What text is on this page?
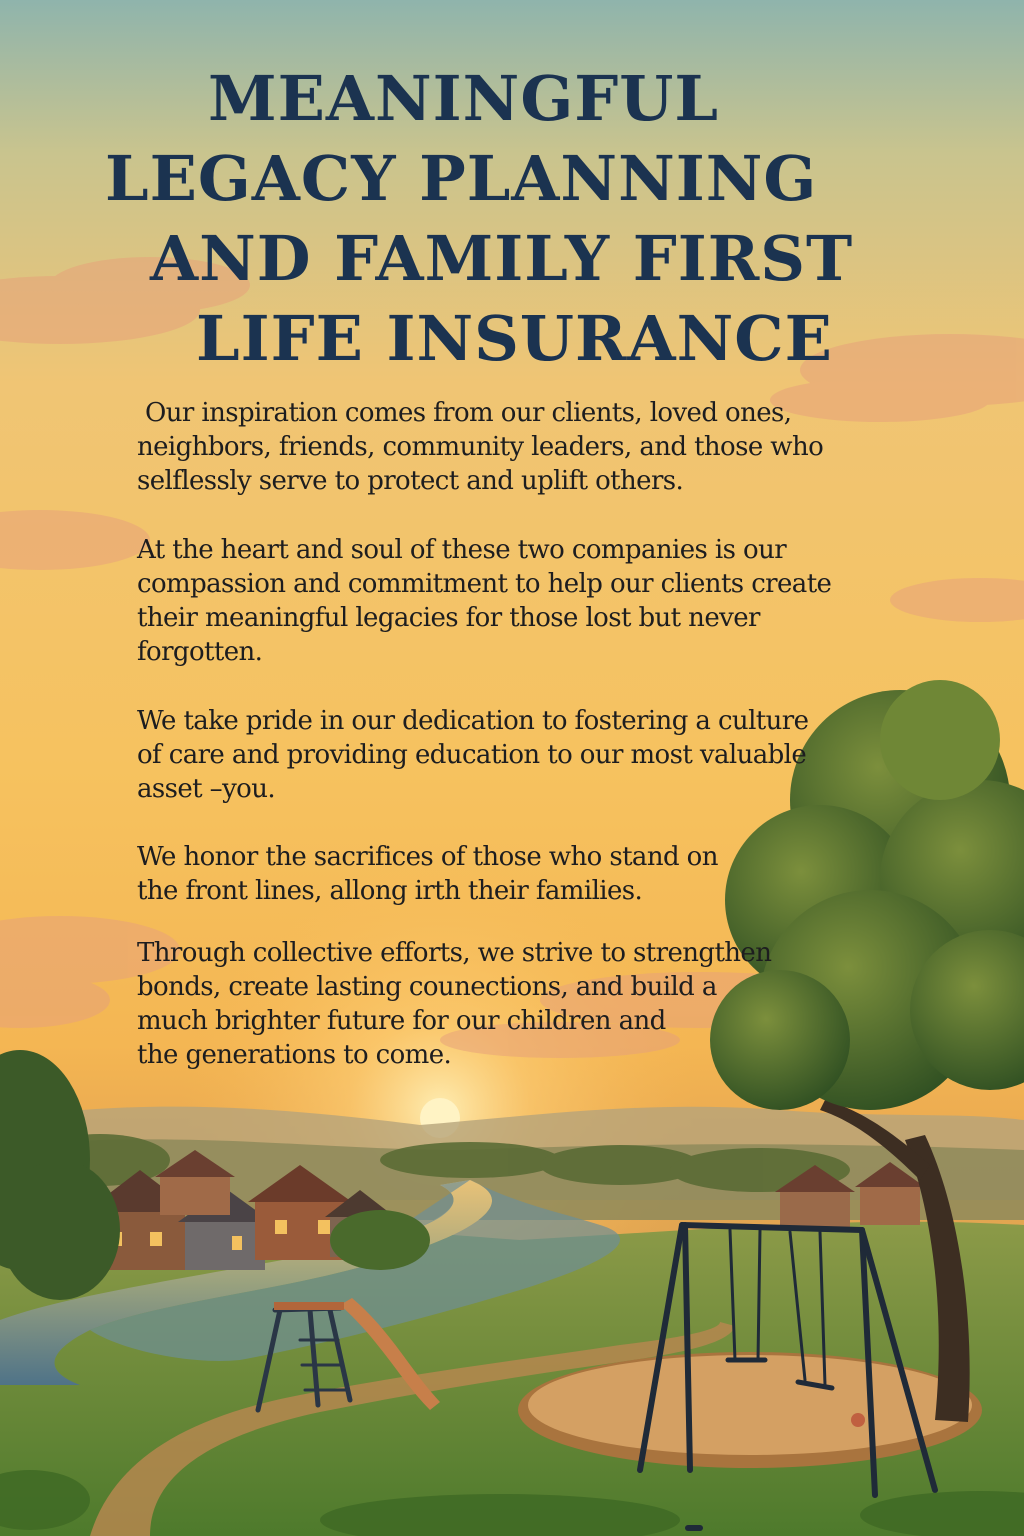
MEANINGFUL
LEGACY PLANNING
AND FAMILY FIRST
LIFE INSURANCE
Our inspiration comes from our clients, loved ones,
neighbors, friends, community leaders, and those who
selflessly serve to protect and uplift others.
At the heart and soul of these two companies is our
compassion and commitment to help our clients create
their meaningful legacies for those lost but never
forgotten.
We take pride in our dedication to fostering a culture
of care and providing education to our most valuable
asset –you.
We honor the sacrifices of those who stand on
the front lines, allong irth their families.
Through collective efforts, we strive to strengthen
bonds, create lasting counections, and build a
much brighter future for our children and
the generations to come.
